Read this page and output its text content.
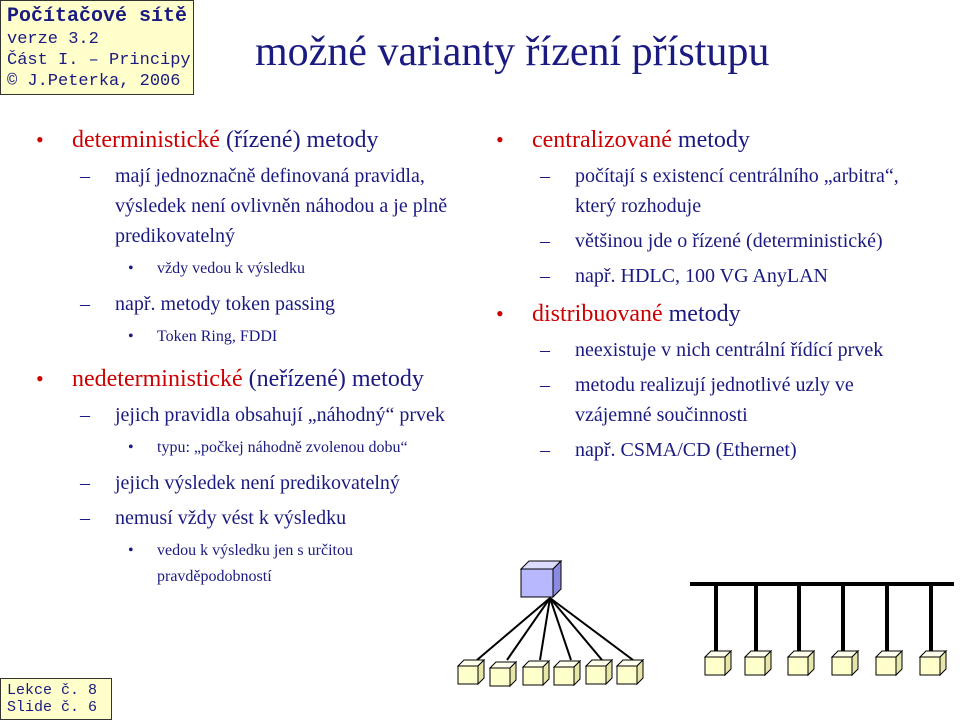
Počítačové sítě
verze 3.2
Část I. – Principy
© J.Peterka, 2006
možné varianty řízení přístupu
• deterministické (řízené) metody
– mají jednoznačně definovaná pravidla, výsledek není ovlivněn náhodou a je plně predikovatelný
• vždy vedou k výsledku
– např. metody token passing
• Token Ring, FDDI
• nedeterministické (neřízené) metody
– jejich pravidla obsahují „náhodný“ prvek
• typu: „počkej náhodně zvolenou dobu“
– jejich výsledek není predikovatelný
– nemusí vždy vést k výsledku
• vedou k výsledku jen s určitou pravděpodobností
• centralizované metody
– počítají s existencí centrálního „arbitra“, který rozhoduje
– většinou jde o řízené (deterministické)
– např. HDLC, 100 VG AnyLAN
• distribuované metody
– neexistuje v nich centrální řídící prvek
– metodu realizují jednotlivé uzly ve vzájemné součinnosti
– např. CSMA/CD (Ethernet)
Lekce č. 8
Slide č. 6
